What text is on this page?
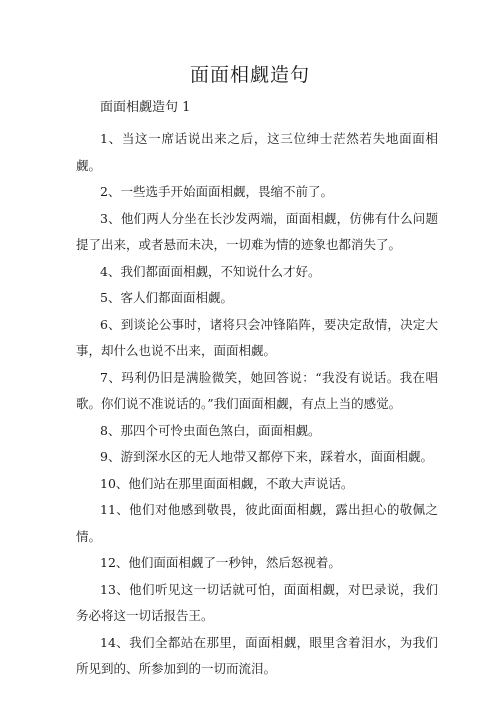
面面相觑造句
面面相觑造句 1

1、当这一席话说出来之后，这三位绅士茫然若失地面面相觑。

2、一些选手开始面面相觑，畏缩不前了。

3、他们两人分坐在长沙发两端，面面相觑，仿佛有什么问题提了出来，或者悬而未决，一切难为情的迹象也都消失了。

4、我们都面面相觑，不知说什么才好。

5、客人们都面面相觑。

6、到谈论公事时，诸将只会冲锋陷阵，要决定敌情，决定大事，却什么也说不出来，面面相觑。

7、玛利仍旧是满脸微笑，她回答说：“我没有说话。我在唱歌。你们说不准说话的。”我们面面相觑，有点上当的感觉。

8、那四个可怜虫面色煞白，面面相觑。

9、游到深水区的无人地带又都停下来，踩着水，面面相觑。

10、他们站在那里面面相觑，不敢大声说话。

11、他们对他感到敬畏，彼此面面相觑，露出担心的敬佩之情。

12、他们面面相觑了一秒钟，然后怒视着。

13、他们听见这一切话就可怕，面面相觑，对巴录说，我们务必将这一切话报告王。

14、我们全都站在那里，面面相觑，眼里含着泪水，为我们所见到的、所参加到的一切而流泪。
